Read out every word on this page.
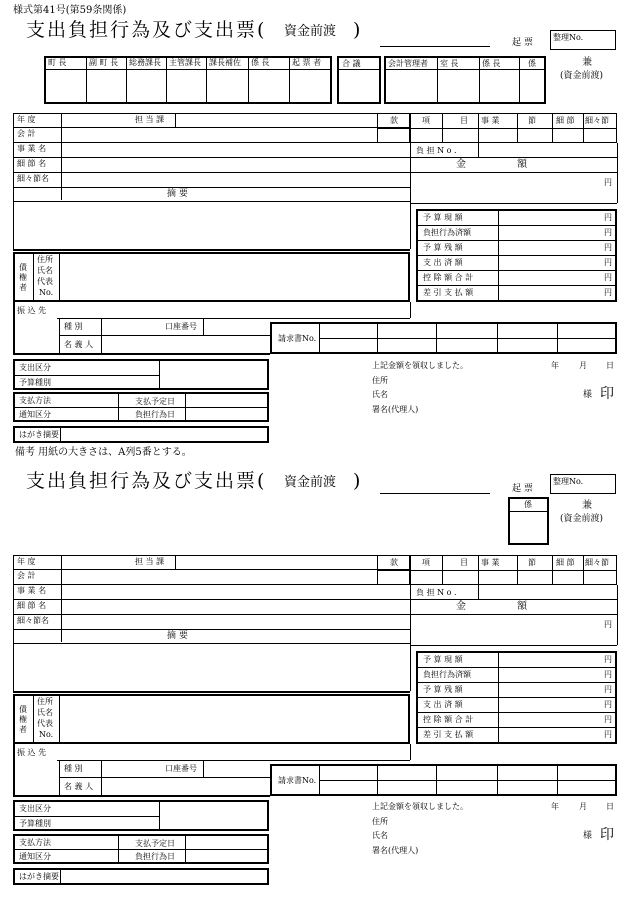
様式第41号(第59条関係)
支出負担行為及び支出票( 資金前渡 )
起 票
整理No.
町 長	副 町 長 総務課長 主管課長 課長補佐 係 長	起 票 者	合 議	会計管理者 室 長	係 長	係	兼
(資金前渡)
年 度	担 当 課
会 計
事 業 名
細 節 名
細々節名
摘 要
款	項	目 事 業	節	細 節 細々節
負 担 N o .
金 額
円
予 算 現 額	円
負担行為済額	円
予 算 残 額	円
支 出 済 額	円
控 除 額 合 計	円
差 引 支 払 額	円
債
権
者
住所
氏名
代表
No.
振 込 先
種 別	口座番号
名 義 人
請求書No.
支出区分
予算種別
支払方法	支払予定日
通知区分	負担行為日
はがき摘要
上記金額を領収しました。	年	月 日
住所
氏名	様 印
署名(代理人)
備考 用紙の大きさは、A列5番とする。
支出負担行為及び支出票( 資金前渡 )	起 票
整理No.
係	兼
(資金前渡)
年 度	担 当 課
会 計
事 業 名
細 節 名
細々節名
摘 要
款	項	目 事 業	節	細 節 細々節
負 担 N o .
金 額
円
予 算 現 額	円
負担行為済額	円
予 算 残 額	円
支 出 済 額	円
控 除 額 合 計	円
差 引 支 払 額	円
債
権
者
住所
氏名
代表
No.
振 込 先
種 別	口座番号
名 義 人
請求書No.
支出区分
予算種別
支払方法	支払予定日
通知区分	負担行為日
はがき摘要
上記金額を領収しました。	年	月 日
住所
氏名	様 印
署名(代理人)
